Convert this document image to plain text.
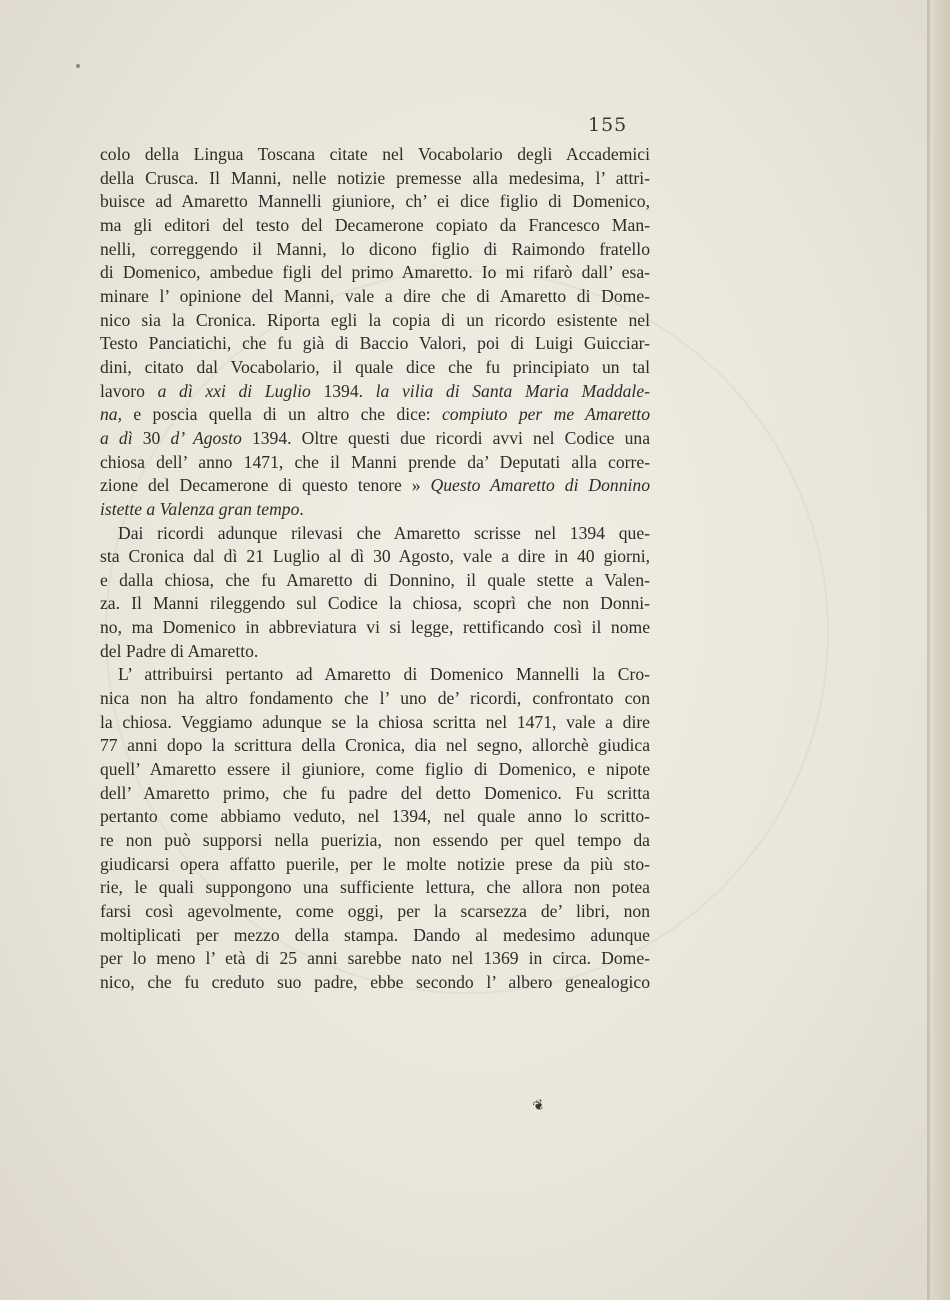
155
colo della Lingua Toscana citate nel Vocabolario degli Accademici
della Crusca. Il Manni, nelle notizie premesse alla medesima, l’ attri-
buisce ad Amaretto Mannelli giuniore, ch’ ei dice figlio di Domenico,
ma gli editori del testo del Decamerone copiato da Francesco Man-
nelli, correggendo il Manni, lo dicono figlio di Raimondo fratello
di Domenico, ambedue figli del primo Amaretto. Io mi rifarò dall’ esa-
minare l’ opinione del Manni, vale a dire che di Amaretto di Dome-
nico sia la Cronica. Riporta egli la copia di un ricordo esistente nel
Testo Panciatichi, che fu già di Baccio Valori, poi di Luigi Guicciar-
dini, citato dal Vocabolario, il quale dice che fu principiato un tal
lavoro a dì xxi di Luglio 1394. la vilia di Santa Maria Maddale-
na, e poscia quella di un altro che dice: compiuto per me Amaretto
a dì 30 d’ Agosto 1394. Oltre questi due ricordi avvi nel Codice una
chiosa dell’ anno 1471, che il Manni prende da’ Deputati alla corre-
zione del Decamerone di questo tenore » Questo Amaretto di Donnino
istette a Valenza gran tempo.
Dai ricordi adunque rilevasi che Amaretto scrisse nel 1394 que-
sta Cronica dal dì 21 Luglio al dì 30 Agosto, vale a dire in 40 giorni,
e dalla chiosa, che fu Amaretto di Donnino, il quale stette a Valen-
za. Il Manni rileggendo sul Codice la chiosa, scoprì che non Donni-
no, ma Domenico in abbreviatura vi si legge, rettificando così il nome
del Padre di Amaretto.
L’ attribuirsi pertanto ad Amaretto di Domenico Mannelli la Cro-
nica non ha altro fondamento che l’ uno de’ ricordi, confrontato con
la chiosa. Veggiamo adunque se la chiosa scritta nel 1471, vale a dire
77 anni dopo la scrittura della Cronica, dia nel segno, allorchè giudica
quell’ Amaretto essere il giuniore, come figlio di Domenico, e nipote
dell’ Amaretto primo, che fu padre del detto Domenico. Fu scritta
pertanto come abbiamo veduto, nel 1394, nel quale anno lo scritto-
re non può supporsi nella puerizia, non essendo per quel tempo da
giudicarsi opera affatto puerile, per le molte notizie prese da più sto-
rie, le quali suppongono una sufficiente lettura, che allora non potea
farsi così agevolmente, come oggi, per la scarsezza de’ libri, non
moltiplicati per mezzo della stampa. Dando al medesimo adunque
per lo meno l’ età di 25 anni sarebbe nato nel 1369 in circa. Dome-
nico, che fu creduto suo padre, ebbe secondo l’ albero genealogico
❦
